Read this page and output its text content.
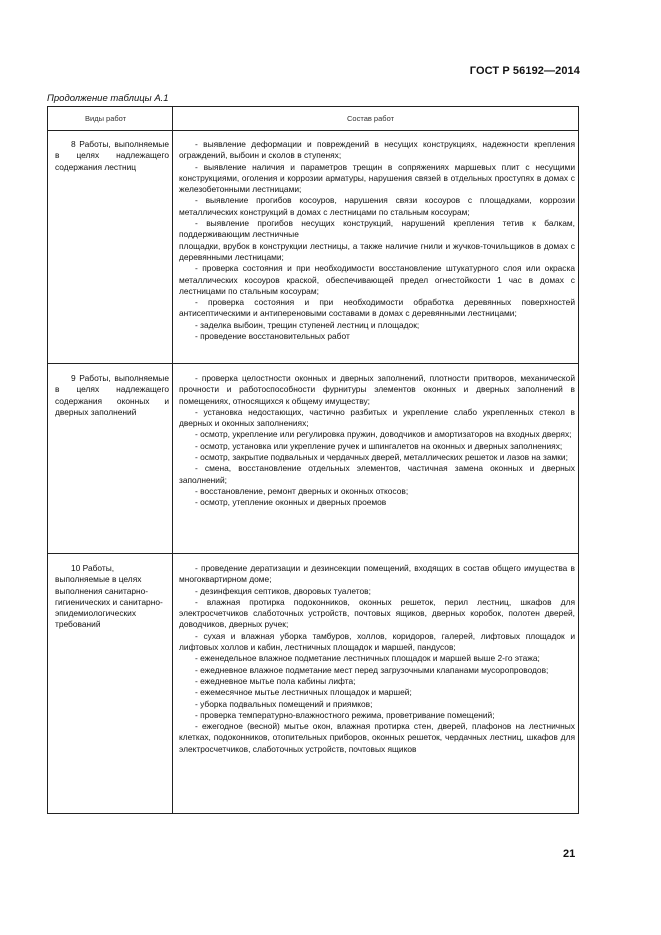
ГОСТ Р 56192—2014
Продолжение таблицы А.1
Виды работ	Состав работ
8 Работы, выполняемые в целях надлежащего содержания лестниц

- выявление деформации и повреждений в несущих конструкциях, надежности крепления ограждений, выбоин и сколов в ступенях;

- выявление наличия и параметров трещин в сопряжениях маршевых плит с несущими конструкциями, оголения и коррозии арматуры, нарушения связей в отдельных проступях в домах с железобетонными лестницами;

- выявление прогибов косоуров, нарушения связи косоуров с площадками, коррозии металлических конструкций в домах с лестницами по стальным косоурам;

- выявление прогибов несущих конструкций, нарушений крепления тетив к балкам, поддерживающим лестничные

площадки, врубок в конструкции лестницы, а также наличие гнили и жучков-точильщиков в домах с деревянными лестницами;

- проверка состояния и при необходимости восстановление штукатурного слоя или окраска металлических косоуров краской, обеспечивающей предел огнестойкости 1 час в домах с лестницами по стальным косоурам;

- проверка состояния и при необходимости обработка деревянных поверхностей антисептическими и антипереновыми составами в домах с деревянными лестницами;

- заделка выбоин, трещин ступеней лестниц и площадок;

- проведение восстановительных работ

9 Работы, выполняемые в целях надлежащего содержания оконных и дверных заполнений

- проверка целостности оконных и дверных заполнений, плотности притворов, механической прочности и работоспособности фурнитуры элементов оконных и дверных заполнений в помещениях, относящихся к общему имуществу;

- установка недостающих, частично разбитых и укрепление слабо укрепленных стекол в дверных и оконных заполнениях;

- осмотр, укрепление или регулировка пружин, доводчиков и амортизаторов на входных дверях;

- осмотр, установка или укрепление ручек и шпингалетов на оконных и дверных заполнениях;

- осмотр, закрытие подвальных и чердачных дверей, металлических решеток и лазов на замки;

- смена, восстановление отдельных элементов, частичная замена оконных и дверных заполнений;

- восстановление, ремонт дверных и оконных откосов;

- осмотр, утепление оконных и дверных проемов

10 Работы, выполняемые в целях выполнения санитарно-гигиенических и санитарно-эпидемиологических требований

- проведение дератизации и дезинсекции помещений, входящих в состав общего имущества в многоквартирном доме;

- дезинфекция септиков, дворовых туалетов;

- влажная протирка подоконников, оконных решеток, перил лестниц, шкафов для электросчетчиков слаботочных устройств, почтовых ящиков, дверных коробок, полотен дверей, доводчиков, дверных ручек;

- сухая и влажная уборка тамбуров, холлов, коридоров, галерей, лифтовых площадок и лифтовых холлов и кабин, лестничных площадок и маршей, пандусов;

- еженедельное влажное подметание лестничных площадок и маршей выше 2-го этажа;

- ежедневное влажное подметание мест перед загрузочными клапанами мусоропроводов;

- ежедневное мытье пола кабины лифта;

- ежемесячное мытье лестничных площадок и маршей;

- уборка подвальных помещений и приямков;

- проверка температурно-влажностного режима, проветривание помещений;

- ежегодное (весной) мытье окон, влажная протирка стен, дверей, плафонов на лестничных клетках, подоконников, отопительных приборов, оконных решеток, чердачных лестниц, шкафов для электросчетчиков, слаботочных устройств, почтовых ящиков

21
